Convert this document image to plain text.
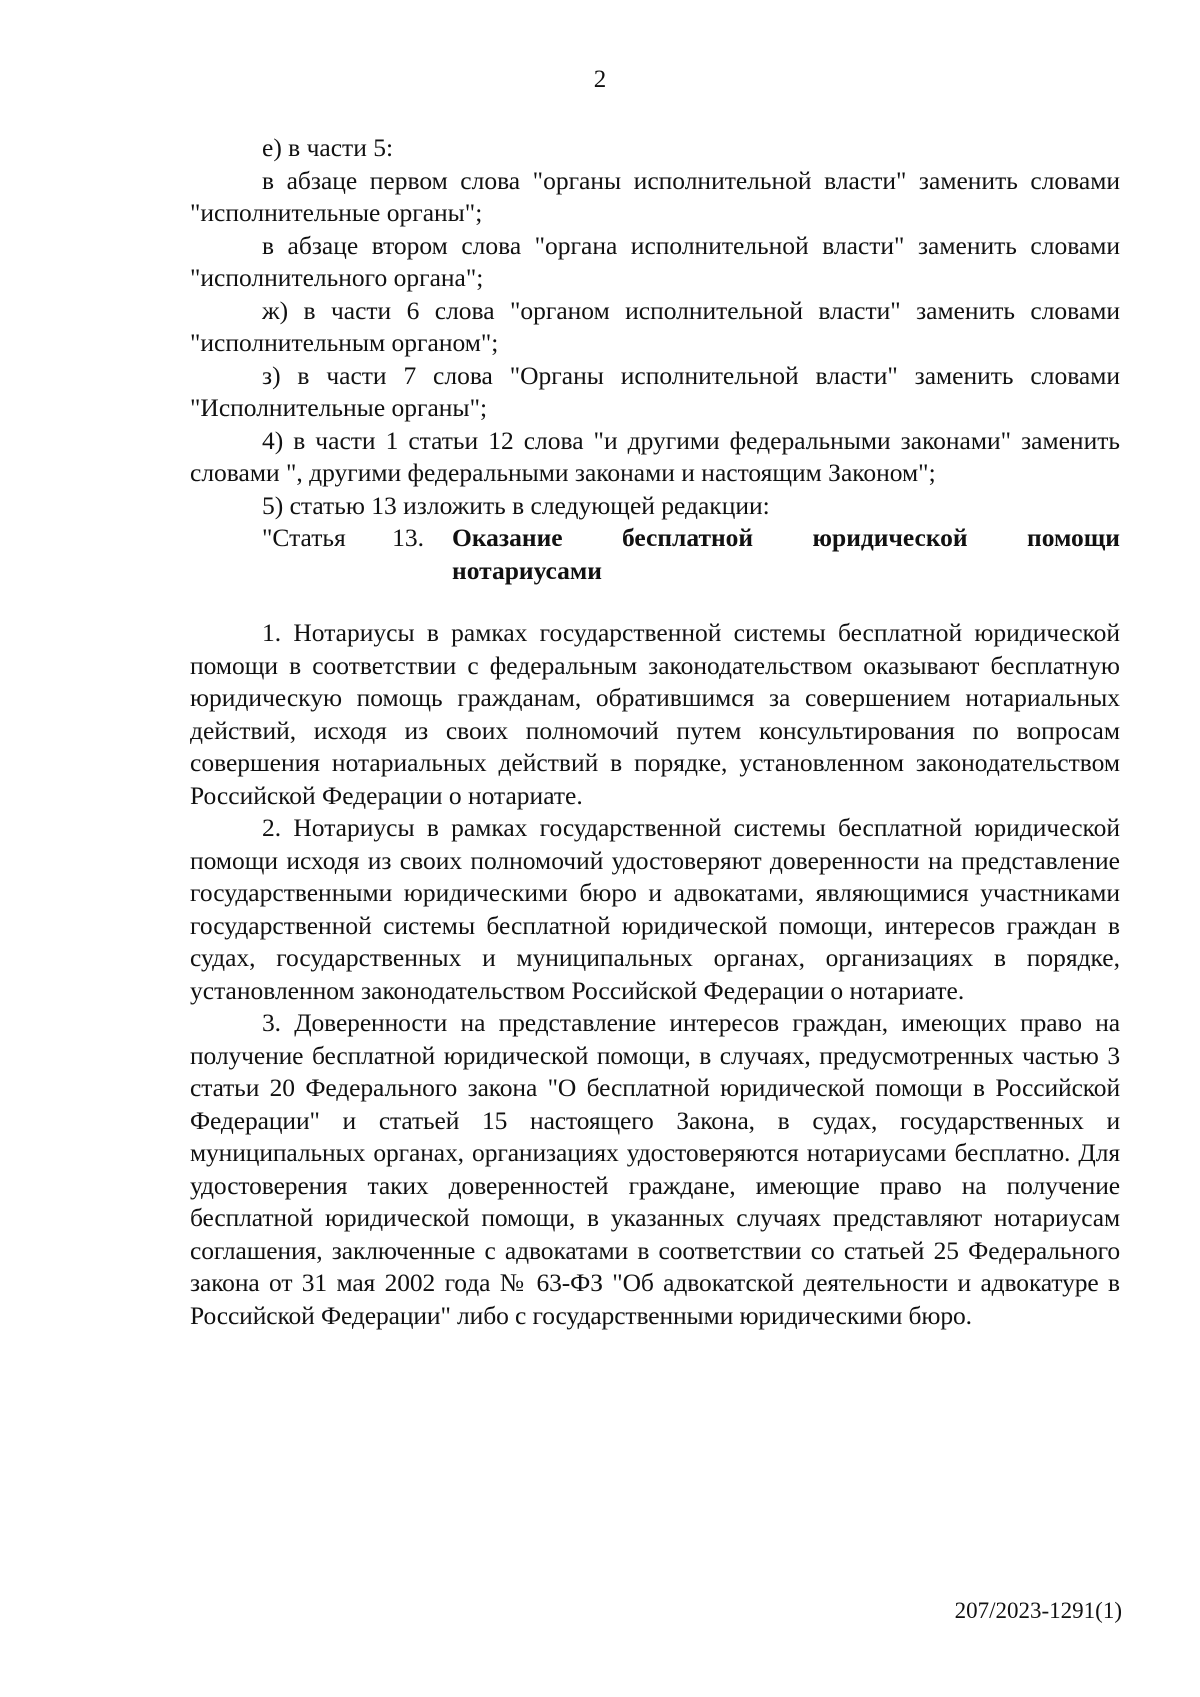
2

е) в части 5:

в абзаце первом слова "органы исполнительной власти" заменить словами "исполнительные органы";

в абзаце втором слова "органа исполнительной власти" заменить словами "исполнительного органа";

ж) в части 6 слова "органом исполнительной власти" заменить словами "исполнительным органом";

з) в части 7 слова "Органы исполнительной власти" заменить словами "Исполнительные органы";

4) в части 1 статьи 12 слова "и другими федеральными законами" заменить словами ", другими федеральными законами и настоящим Законом";

5) статью 13 изложить в следующей редакции:

"Статья 13. Оказание бесплатной юридической помощи
нотариусами

1. Нотариусы в рамках государственной системы бесплатной юридической помощи в соответствии с федеральным законодательством оказывают бесплатную юридическую помощь гражданам, обратившимся за совершением нотариальных действий, исходя из своих полномочий путем консультирования по вопросам совершения нотариальных действий в порядке, установленном законодательством Российской Федерации о нотариате.

2. Нотариусы в рамках государственной системы бесплатной юридической помощи исходя из своих полномочий удостоверяют доверенности на представление государственными юридическими бюро и адвокатами, являющимися участниками государственной системы бесплатной юридической помощи, интересов граждан в судах, государственных и муниципальных органах, организациях в порядке, установленном законодательством Российской Федерации о нотариате.

3. Доверенности на представление интересов граждан, имеющих право на получение бесплатной юридической помощи, в случаях, предусмотренных частью 3 статьи 20 Федерального закона "О бесплатной юридической помощи в Российской Федерации" и статьей 15 настоящего Закона, в судах, государственных и муниципальных органах, организациях удостоверяются нотариусами бесплатно. Для удостоверения таких доверенностей граждане, имеющие право на получение бесплатной юридической помощи, в указанных случаях представляют нотариусам соглашения, заключенные с адвокатами в соответствии со статьей 25 Федерального закона от 31 мая 2002 года № 63-ФЗ "Об адвокатской деятельности и адвокатуре в Российской Федерации" либо с государственными юридическими бюро.

207/2023-1291(1)
